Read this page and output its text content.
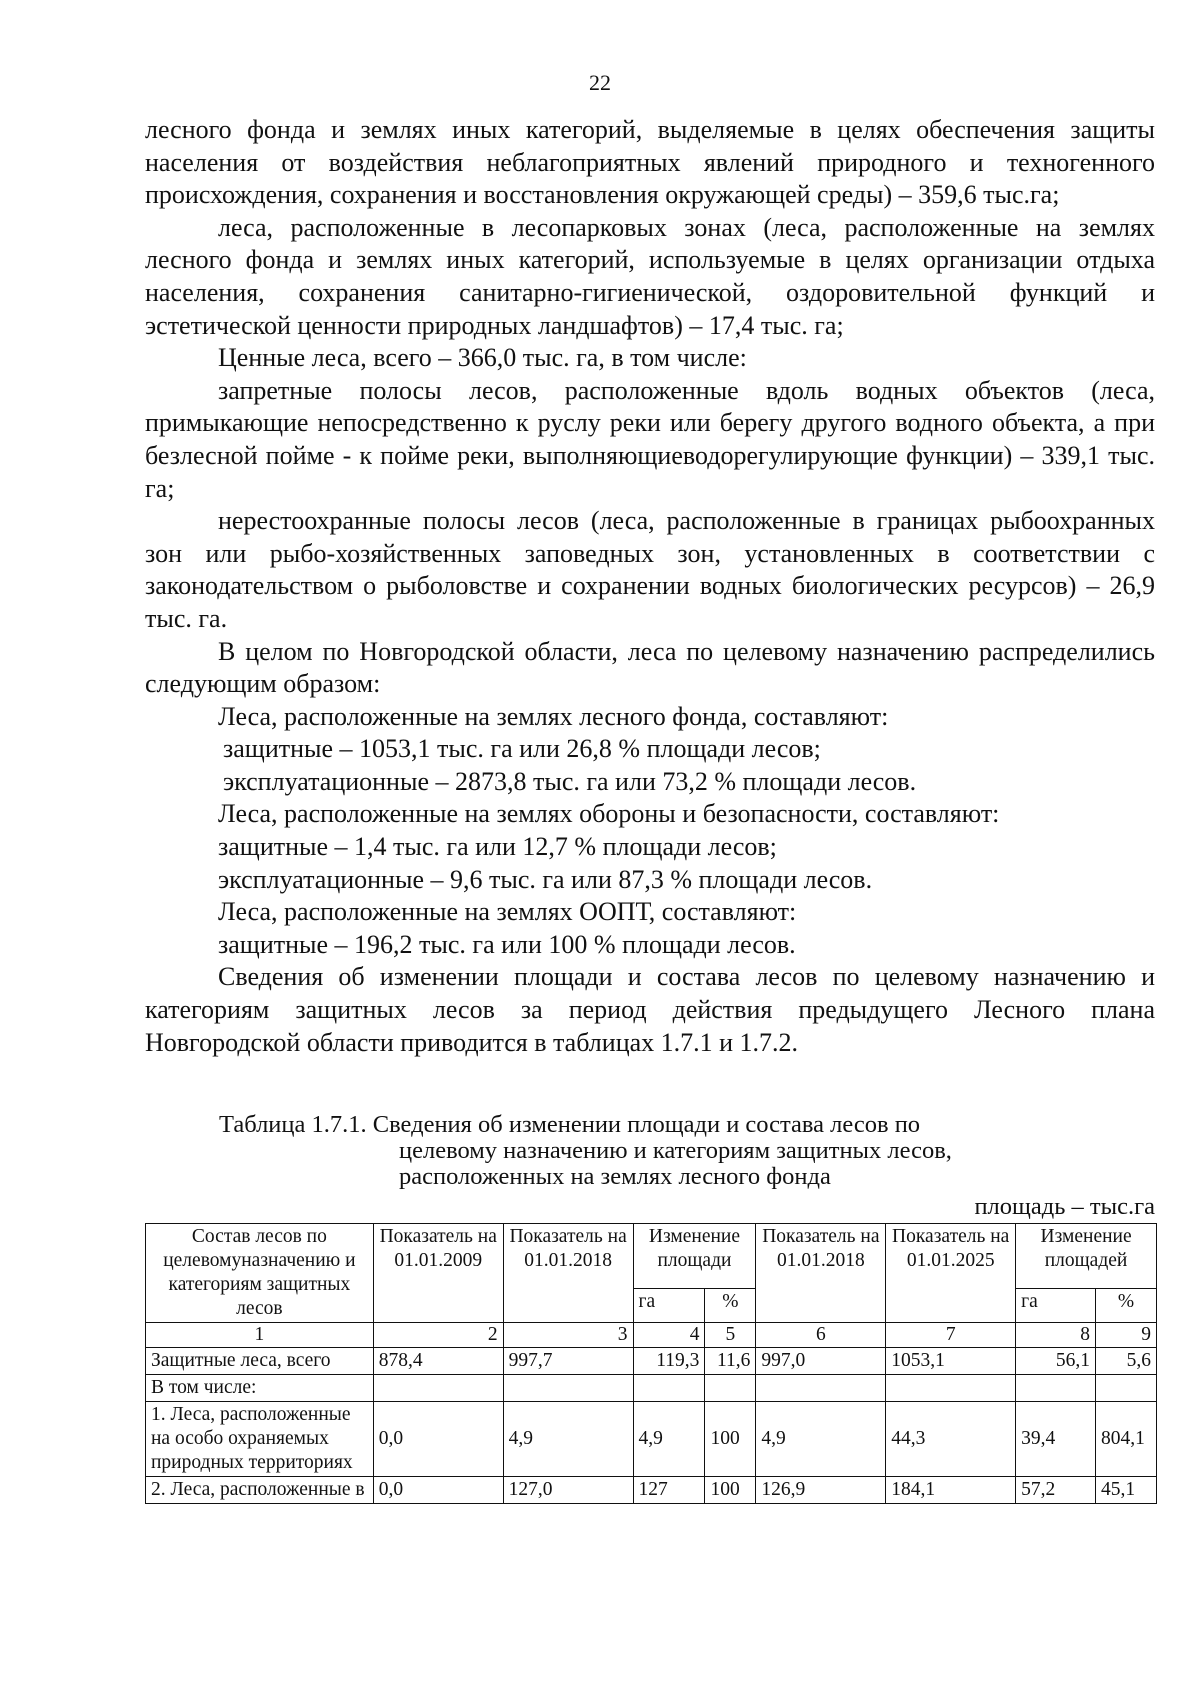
22

лесного фонда и землях иных категорий, выделяемые в целях обеспечения защиты населения от воздействия неблагоприятных явлений природного и техногенного происхождения, сохранения и восстановления окружающей среды) – 359,6 тыс.га;

леса, расположенные в лесопарковых зонах (леса, расположенные на землях лесного фонда и землях иных категорий, используемые в целях организации отдыха населения, сохранения санитарно-гигиенической, оздоровительной функций и эстетической ценности природных ландшафтов) – 17,4 тыс. га;

Ценные леса, всего – 366,0 тыс. га, в том числе:

запретные полосы лесов, расположенные вдоль водных объектов (леса, примыкающие непосредственно к руслу реки или берегу другого водного объекта, а при безлесной пойме - к пойме реки, выполняющиеводорегулирующие функции) – 339,1 тыс. га;

нерестоохранные полосы лесов (леса, расположенные в границах рыбоохранных зон или рыбо-хозяйственных заповедных зон, установленных в соответствии с законодательством о рыболовстве и сохранении водных биологических ресурсов) – 26,9 тыс. га.

В целом по Новгородской области, леса по целевому назначению распределились следующим образом:

Леса, расположенные на землях лесного фонда, составляют:

защитные – 1053,1 тыс. га или 26,8 % площади лесов;

эксплуатационные – 2873,8 тыс. га или 73,2 % площади лесов.

Леса, расположенные на землях обороны и безопасности, составляют:

защитные – 1,4 тыс. га или 12,7 % площади лесов;

эксплуатационные – 9,6 тыс. га или 87,3 % площади лесов.

Леса, расположенные на землях ООПТ, составляют:

защитные – 196,2 тыс. га или 100 % площади лесов.

Сведения об изменении площади и состава лесов по целевому назначению и категориям защитных лесов за период действия предыдущего Лесного плана Новгородской области приводится в таблицах 1.7.1 и 1.7.2.

Таблица 1.7.1. Сведения об изменении площади и состава лесов по
целевому назначению и категориям защитных лесов,
расположенных на землях лесного фонда
площадь – тыс.га
Состав лесов по целевомуназначению и категориям защитных лесов	Показатель на 01.01.2009	Показатель на 01.01.2018	Изменение площади		Показатель на 01.01.2018	Показатель на 01.01.2025	Изменение площадей	
			га	%			га	%
1	2	3	4	5	6	7	8	9
Защитные леса, всего	878,4	997,7	119,3	11,6	997,0	1053,1	56,1	5,6
В том числе:								
1. Леса, расположенные на особо охраняемых природных территориях	0,0	4,9	4,9	100	4,9	44,3	39,4	804,1
2. Леса, расположенные в	0,0	127,0	127	100	126,9	184,1	57,2	45,1
